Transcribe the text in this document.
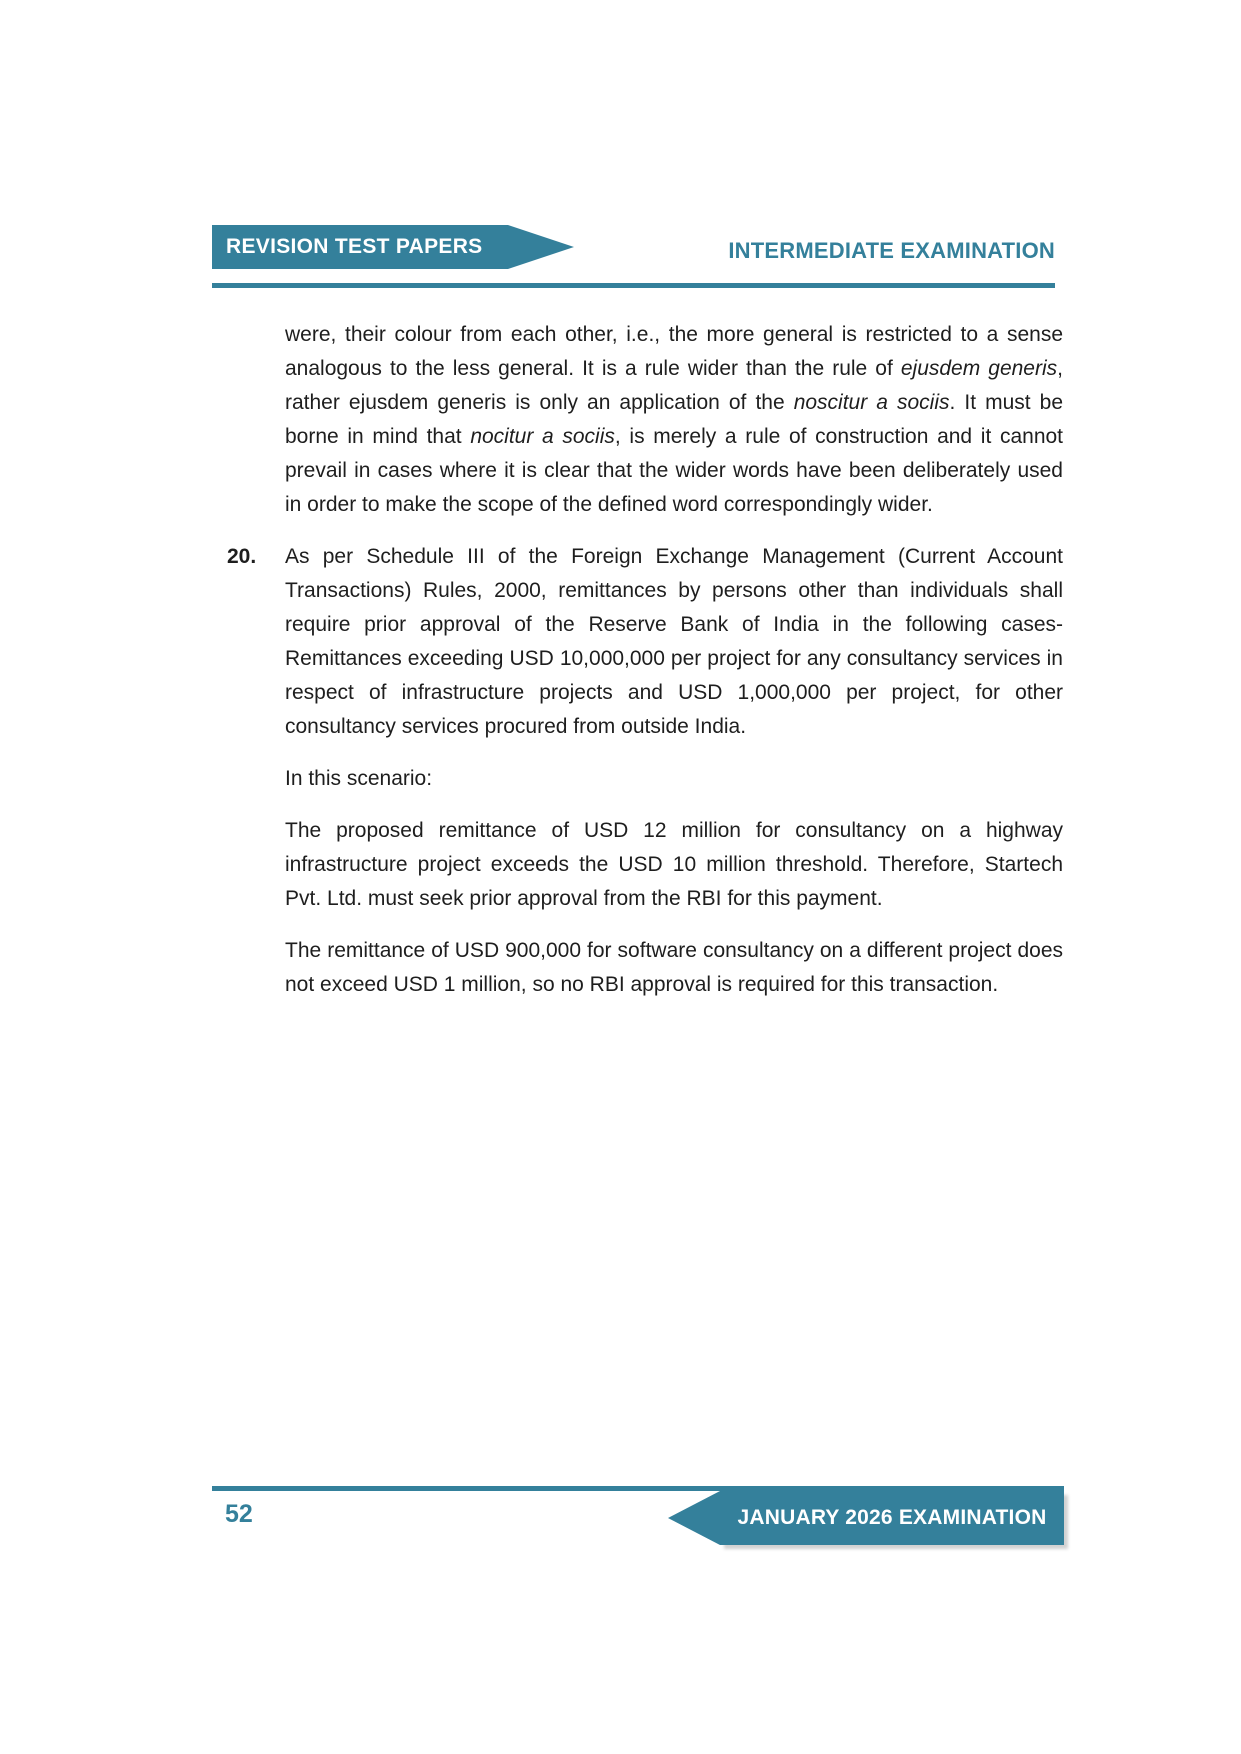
REVISION TEST PAPERS	INTERMEDIATE EXAMINATION

were, their colour from each other, i.e., the more general is restricted to a sense analogous to the less general. It is a rule wider than the rule of ejusdem generis, rather ejusdem generis is only an application of the noscitur a sociis. It must be borne in mind that nocitur a sociis, is merely a rule of construction and it cannot prevail in cases where it is clear that the wider words have been deliberately used in order to make the scope of the defined word correspondingly wider.

20.	As per Schedule III of the Foreign Exchange Management (Current Account Transactions) Rules, 2000, remittances by persons other than individuals shall require prior approval of the Reserve Bank of India in the following cases- Remittances exceeding USD 10,000,000 per project for any consultancy services in respect of infrastructure projects and USD 1,000,000 per project, for other consultancy services procured from outside India.

In this scenario:

The proposed remittance of USD 12 million for consultancy on a highway infrastructure project exceeds the USD 10 million threshold. Therefore, Startech Pvt. Ltd. must seek prior approval from the RBI for this payment.

The remittance of USD 900,000 for software consultancy on a different project does not exceed USD 1 million, so no RBI approval is required for this transaction.

52	JANUARY 2026 EXAMINATION
